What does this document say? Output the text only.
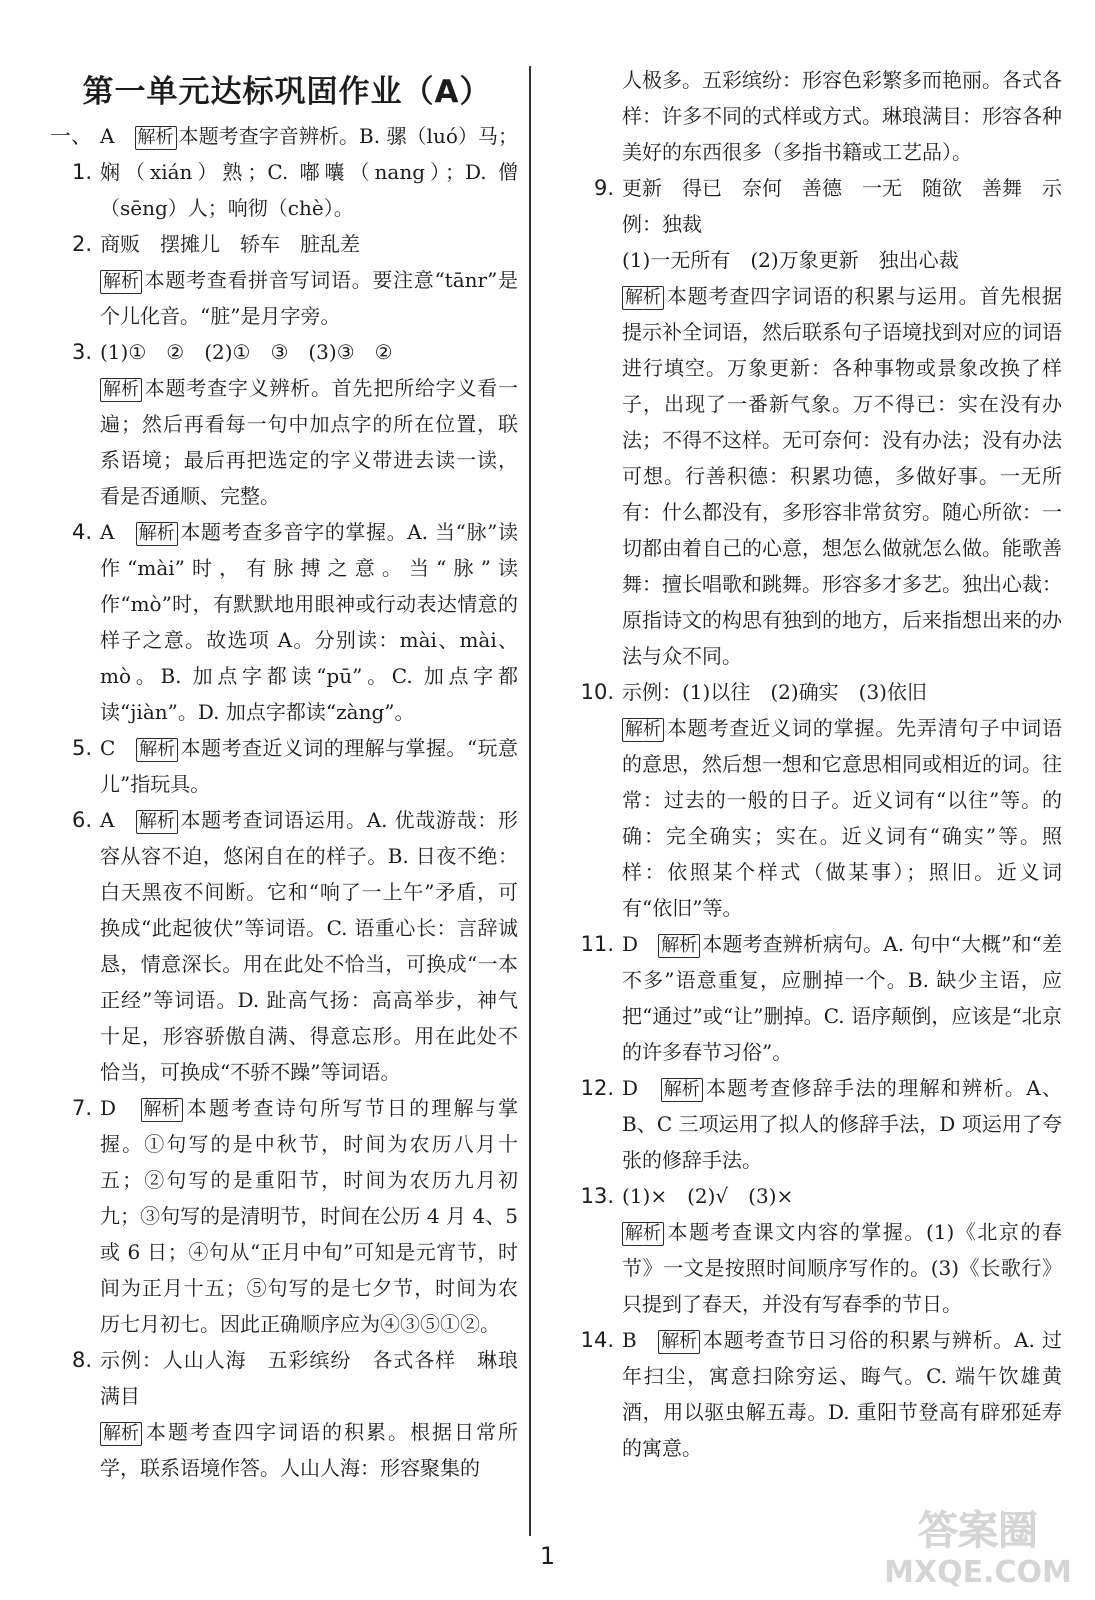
第一单元达标巩固作业（A）
一、1.

A　解析 本题考查字音辨析。B. 骡（luó）马；娴（xián）熟；C. 嘟囔（nang）；D. 僧（sēng）人；响彻（chè）。

2. 商贩　摆摊儿　轿车　脏乱差

解析 本题考查看拼音写词语。要注意“tānr”是个儿化音。“脏”是月字旁。

3. (1)①　②　(2)①　③　(3)③　②

解析 本题考查字义辨析。首先把所给字义看一遍；然后再看每一句中加点字的所在位置，联系语境；最后再把选定的字义带进去读一读，看是否通顺、完整。

4. A　解析 本题考查多音字的掌握。A. 当“脉”读作“mài”时，有脉搏之意。当“脉”读作“mò”时，有默默地用眼神或行动表达情意的样子之意。故选项 A。分别读：mài、mài、mò。B. 加点字都读“pū”。C. 加点字都读“jiàn”。D. 加点字都读“zàng”。

5. C　解析 本题考查近义词的理解与掌握。“玩意儿”指玩具。

6. A　解析 本题考查词语运用。A. 优哉游哉：形容从容不迫，悠闲自在的样子。B. 日夜不绝：白天黑夜不间断。它和“响了一上午”矛盾，可换成“此起彼伏”等词语。C. 语重心长：言辞诚恳，情意深长。用在此处不恰当，可换成“一本正经”等词语。D. 趾高气扬：高高举步，神气十足，形容骄傲自满、得意忘形。用在此处不恰当，可换成“不骄不躁”等词语。

7. D　解析 本题考查诗句所写节日的理解与掌握。①句写的是中秋节，时间为农历八月十五；②句写的是重阳节，时间为农历九月初九；③句写的是清明节，时间在公历 4 月 4、5 或 6 日；④句从“正月中旬”可知是元宵节，时间为正月十五；⑤句写的是七夕节，时间为农历七月初七。因此正确顺序应为④③⑤①②。

8. 示例：人山人海　五彩缤纷　各式各样　琳琅满目

解析 本题考查四字词语的积累。根据日常所学，联系语境作答。人山人海：形容聚集的

人极多。五彩缤纷：形容色彩繁多而艳丽。各式各样：许多不同的式样或方式。琳琅满目：形容各种美好的东西很多（多指书籍或工艺品）。

9. 更新　得已　奈何　善德　一无　随欲　善舞　示例：独裁

(1)一无所有　(2)万象更新　独出心裁

解析 本题考查四字词语的积累与运用。首先根据提示补全词语，然后联系句子语境找到对应的词语进行填空。万象更新：各种事物或景象改换了样子，出现了一番新气象。万不得已：实在没有办法；不得不这样。无可奈何：没有办法；没有办法可想。行善积德：积累功德，多做好事。一无所有：什么都没有，多形容非常贫穷。随心所欲：一切都由着自己的心意，想怎么做就怎么做。能歌善舞：擅长唱歌和跳舞。形容多才多艺。独出心裁：原指诗文的构思有独到的地方，后来指想出来的办法与众不同。

10. 示例：(1)以往　(2)确实　(3)依旧

解析 本题考查近义词的掌握。先弄清句子中词语的意思，然后想一想和它意思相同或相近的词。往常：过去的一般的日子。近义词有“以往”等。的确：完全确实；实在。近义词有“确实”等。照样：依照某个样式（做某事）；照旧。近义词有“依旧”等。

11. D　解析 本题考查辨析病句。A. 句中“大概”和“差不多”语意重复，应删掉一个。B. 缺少主语，应把“通过”或“让”删掉。C. 语序颠倒，应该是“北京的许多春节习俗”。

12. D　解析 本题考查修辞手法的理解和辨析。A、B、C 三项运用了拟人的修辞手法，D 项运用了夸张的修辞手法。

13. (1)×　(2)√　(3)×

解析 本题考查课文内容的掌握。(1)《北京的春节》一文是按照时间顺序写作的。(3)《长歌行》只提到了春天，并没有写春季的节日。

14. B　解析 本题考查节日习俗的积累与辨析。A. 过年扫尘，寓意扫除穷运、晦气。C. 端午饮雄黄酒，用以驱虫解五毒。D. 重阳节登高有辟邪延寿的寓意。

1
答案圈
MXQE.COM
